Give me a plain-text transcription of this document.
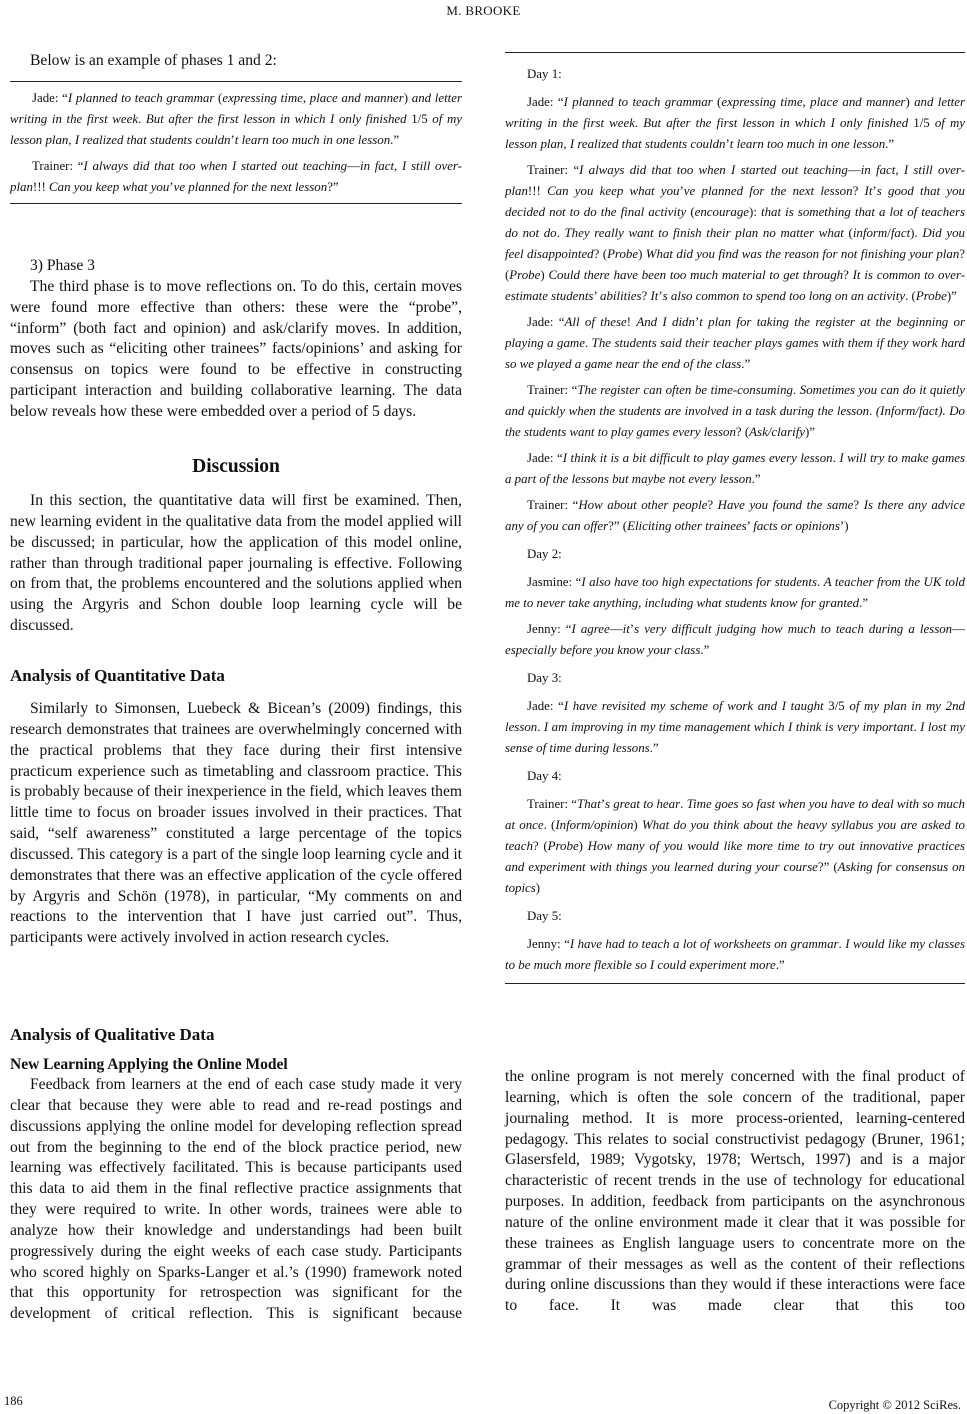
M. BROOKE

Below is an example of phases 1 and 2:

Jade: “I planned to teach grammar (expressing time, place and manner) and letter writing in the first week. But after the first lesson in which I only finished 1/5 of my lesson plan, I realized that students couldn’t learn too much in one lesson.”

Trainer: “I always did that too when I started out teaching—in fact, I still over-plan!!! Can you keep what you’ve planned for the next lesson?”

3) Phase 3

The third phase is to move reflections on. To do this, certain moves were found more effective than others: these were the “probe”, “inform” (both fact and opinion) and ask/clarify moves. In addition, moves such as “eliciting other trainees” facts/opinions’ and asking for consensus on topics were found to be effective in constructing participant interaction and building collaborative learning. The data below reveals how these were embedded over a period of 5 days.

Discussion

In this section, the quantitative data will first be examined. Then, new learning evident in the qualitative data from the model applied will be discussed; in particular, how the application of this model online, rather than through traditional paper journaling is effective. Following on from that, the problems encountered and the solutions applied when using the Argyris and Schon double loop learning cycle will be discussed.

Analysis of Quantitative Data

Similarly to Simonsen, Luebeck & Bicean’s (2009) findings, this research demonstrates that trainees are overwhelmingly concerned with the practical problems that they face during their first intensive practicum experience such as timetabling and classroom practice. This is probably because of their inexperience in the field, which leaves them little time to focus on broader issues involved in their practices. That said, “self awareness” constituted a large percentage of the topics discussed. This category is a part of the single loop learning cycle and it demonstrates that there was an effective application of the cycle offered by Argyris and Schön (1978), in particular, “My comments on and reactions to the intervention that I have just carried out”. Thus, participants were actively involved in action research cycles.

Analysis of Qualitative Data
New Learning Applying the Online Model

Feedback from learners at the end of each case study made it very clear that because they were able to read and re-read postings and discussions applying the online model for developing reflection spread out from the beginning to the end of the block practice period, new learning was effectively facilitated. This is because participants used this data to aid them in the final reflective practice assignments that they were required to write. In other words, trainees were able to analyze how their knowledge and understandings had been built progressively during the eight weeks of each case study. Participants who scored highly on Sparks-Langer et al.’s (1990) framework noted that this opportunity for retrospection was significant for the development of critical reflection. This is significant because

Day 1:

Jade: “I planned to teach grammar (expressing time, place and manner) and letter writing in the first week. But after the first lesson in which I only finished 1/5 of my lesson plan, I realized that students couldn’t learn too much in one lesson.”

Trainer: “I always did that too when I started out teaching—in fact, I still over-plan!!! Can you keep what you’ve planned for the next lesson? It’s good that you decided not to do the final activity (encourage): that is something that a lot of teachers do not do. They really want to finish their plan no matter what (inform/fact). Did you feel disappointed? (Probe) What did you find was the reason for not finishing your plan? (Probe) Could there have been too much material to get through? It is common to over-estimate students’ abilities? It’s also common to spend too long on an activity. (Probe)”

Jade: “All of these! And I didn’t plan for taking the register at the beginning or playing a game. The students said their teacher plays games with them if they work hard so we played a game near the end of the class.”

Trainer: “The register can often be time-consuming. Sometimes you can do it quietly and quickly when the students are involved in a task during the lesson. (Inform/fact). Do the students want to play games every lesson? (Ask/clarify)”

Jade: “I think it is a bit difficult to play games every lesson. I will try to make games a part of the lessons but maybe not every lesson.”

Trainer: “How about other people? Have you found the same? Is there any advice any of you can offer?” (Eliciting other trainees’ facts or opinions’)

Day 2:

Jasmine: “I also have too high expectations for students. A teacher from the UK told me to never take anything, including what students know for granted.”

Jenny: “I agree—it’s very difficult judging how much to teach during a lesson—especially before you know your class.”

Day 3:

Jade: “I have revisited my scheme of work and I taught 3/5 of my plan in my 2nd lesson. I am improving in my time management which I think is very important. I lost my sense of time during lessons.”

Day 4:

Trainer: “That’s great to hear. Time goes so fast when you have to deal with so much at once. (Inform/opinion) What do you think about the heavy syllabus you are asked to teach? (Probe) How many of you would like more time to try out innovative practices and experiment with things you learned during your course?” (Asking for consensus on topics)

Day 5:

Jenny: “I have had to teach a lot of worksheets on grammar. I would like my classes to be much more flexible so I could experiment more.”

the online program is not merely concerned with the final product of learning, which is often the sole concern of the traditional, paper journaling method. It is more process-oriented, learning-centered pedagogy. This relates to social constructivist pedagogy (Bruner, 1961; Glasersfeld, 1989; Vygotsky, 1978; Wertsch, 1997) and is a major characteristic of recent trends in the use of technology for educational purposes. In addition, feedback from participants on the asynchronous nature of the online environment made it clear that it was possible for these trainees as English language users to concentrate more on the grammar of their messages as well as the content of their reflections during online discussions than they would if these interactions were face to face. It was made clear that this too

186	Copyright © 2012 SciRes.
